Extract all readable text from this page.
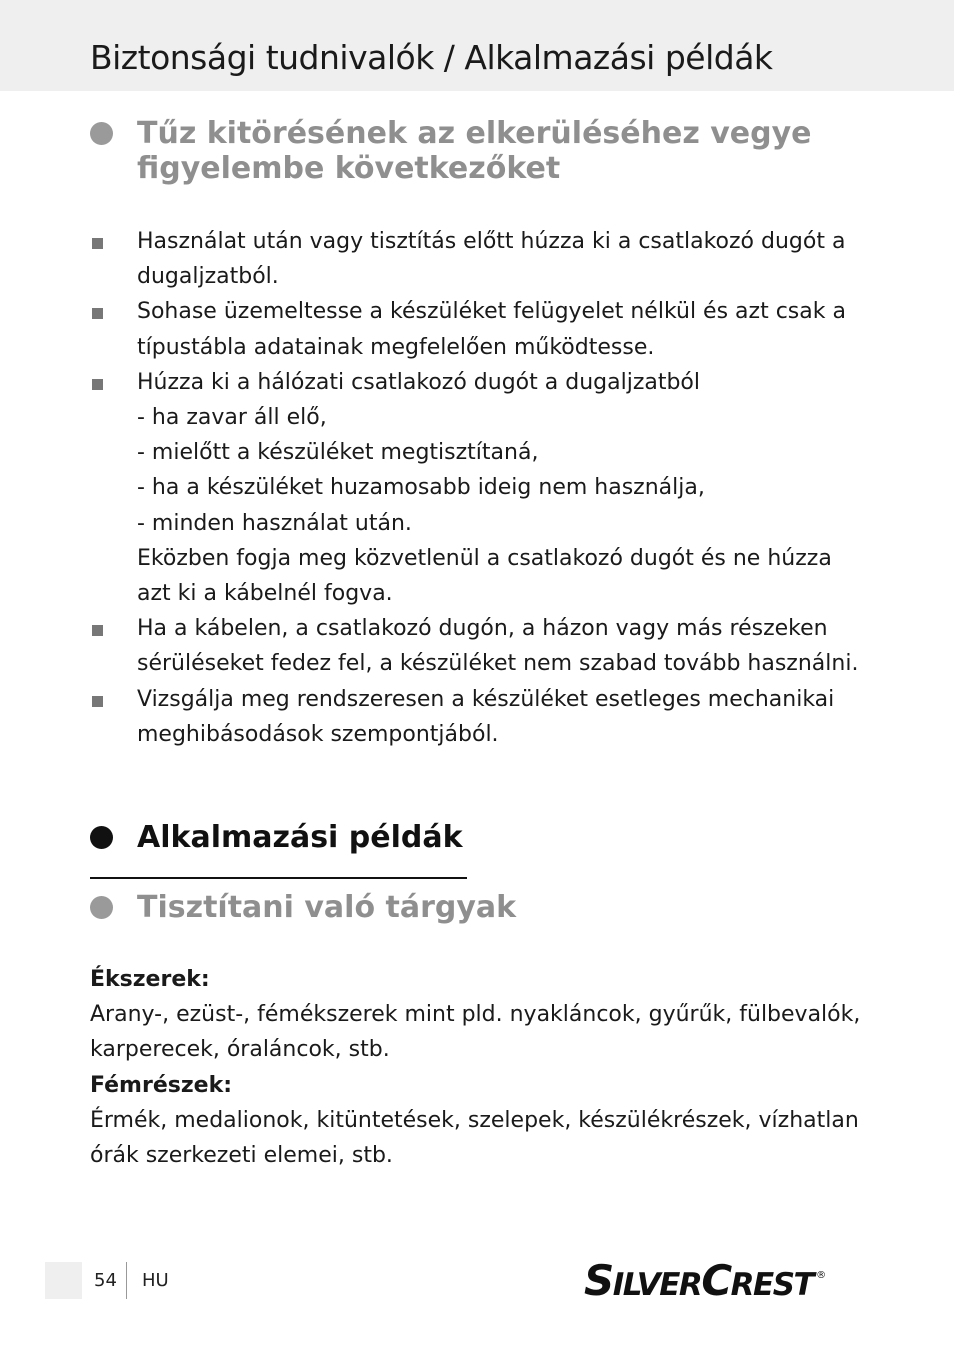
Biztonsági tudnivalók / Alkalmazási példák
Tűz kitörésének az elkerüléséhez vegye
figyelembe következőket
Használat után vagy tisztítás előtt húzza ki a csatlakozó dugót a
dugaljzatból.
Sohase üzemeltesse a készüléket felügyelet nélkül és azt csak a
típustábla adatainak megfelelően működtesse.
Húzza ki a hálózati csatlakozó dugót a dugaljzatból
- ha zavar áll elő,
- mielőtt a készüléket megtisztítaná,
- ha a készüléket huzamosabb ideig nem használja,
- minden használat után.
Eközben fogja meg közvetlenül a csatlakozó dugót és ne húzza
azt ki a kábelnél fogva.
Ha a kábelen, a csatlakozó dugón, a házon vagy más részeken
sérüléseket fedez fel, a készüléket nem szabad tovább használni.
Vizsgálja meg rendszeresen a készüléket esetleges mechanikai
meghibásodások szempontjából.
Alkalmazási példák
Tisztítani való tárgyak
Ékszerek:
Arany-, ezüst-, fémékszerek mint pld. nyakláncok, gyűrűk, fülbevalók,
karperecek, óraláncok, stb.
Fémrészek:
Érmék, medalionok, kitüntetések, szelepek, készülékrészek, vízhatlan
órák szerkezeti elemei, stb.
54 HU	S ILVER C REST ®
